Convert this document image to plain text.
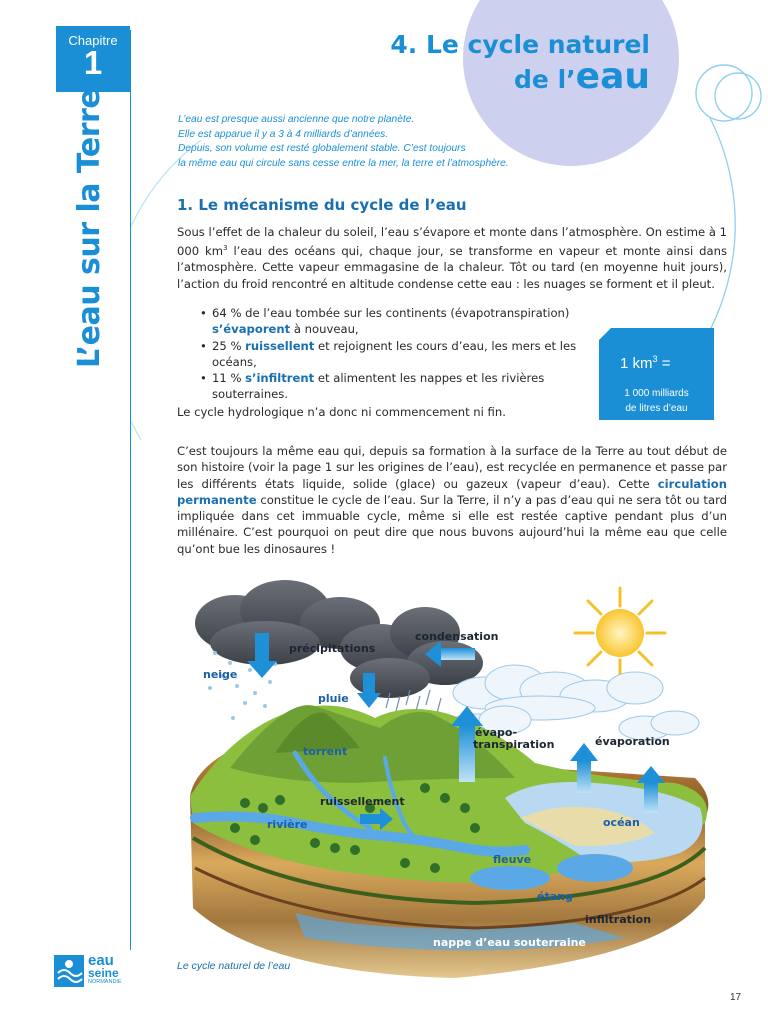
Chapitre
1
L’eau sur la Terre
4. Le cycle naturel
de l’eau
L’eau est presque aussi ancienne que notre planète.
Elle est apparue il y a 3 à 4 milliards d’années.
Depuis, son volume est resté globalement stable. C’est toujours
la même eau qui circule sans cesse entre la mer, la terre et l’atmosphère.
1. Le mécanisme du cycle de l’eau
Sous l’effet de la chaleur du soleil, l’eau s’évapore et monte dans l’atmosphère. On estime à 1 000 $km^3$ l’eau des océans qui, chaque jour, se transforme en vapeur et monte ainsi dans l’atmosphère. Cette vapeur emmagasine de la chaleur. Tôt ou tard (en moyenne huit jours), l’action du froid rencontré en altitude condense cette eau : les nuages se forment et il pleut.
• 64 % de l’eau tombée sur les continents (évapotranspiration) s’évaporent à nouveau,
• 25 % ruissellent et rejoignent les cours d’eau, les mers et les océans,
• 11 % s’infiltrent et alimentent les nappes et les rivières souterraines.
Le cycle hydrologique n’a donc ni commencement ni fin.
C’est toujours la même eau qui, depuis sa formation à la surface de la Terre au tout début de son histoire (voir la page 1 sur les origines de l’eau), est recyclée en permanence et passe par les différents états liquide, solide (glace) ou gazeux (vapeur d’eau). Cette circulation permanente constitue le cycle de l’eau. Sur la Terre, il n’y a pas d’eau qui ne sera tôt ou tard impliquée dans cet immuable cycle, même si elle est restée captive pendant plus d’un millénaire. C’est pourquoi on peut dire que nous buvons aujourd’hui la même eau que celle qu’ont bue les dinosaures !
1 $km^3$ =
1 000 milliards
de litres d’eau
précipitations
condensation
neige
pluie
évapo-
transpiration	évaporation
torrent
ruissellement
rivière	océan
fleuve
étang
infiltration
nappe d’eau souterraine
Le cycle naturel de l’eau
eau
seine
NORMANDIE
17
